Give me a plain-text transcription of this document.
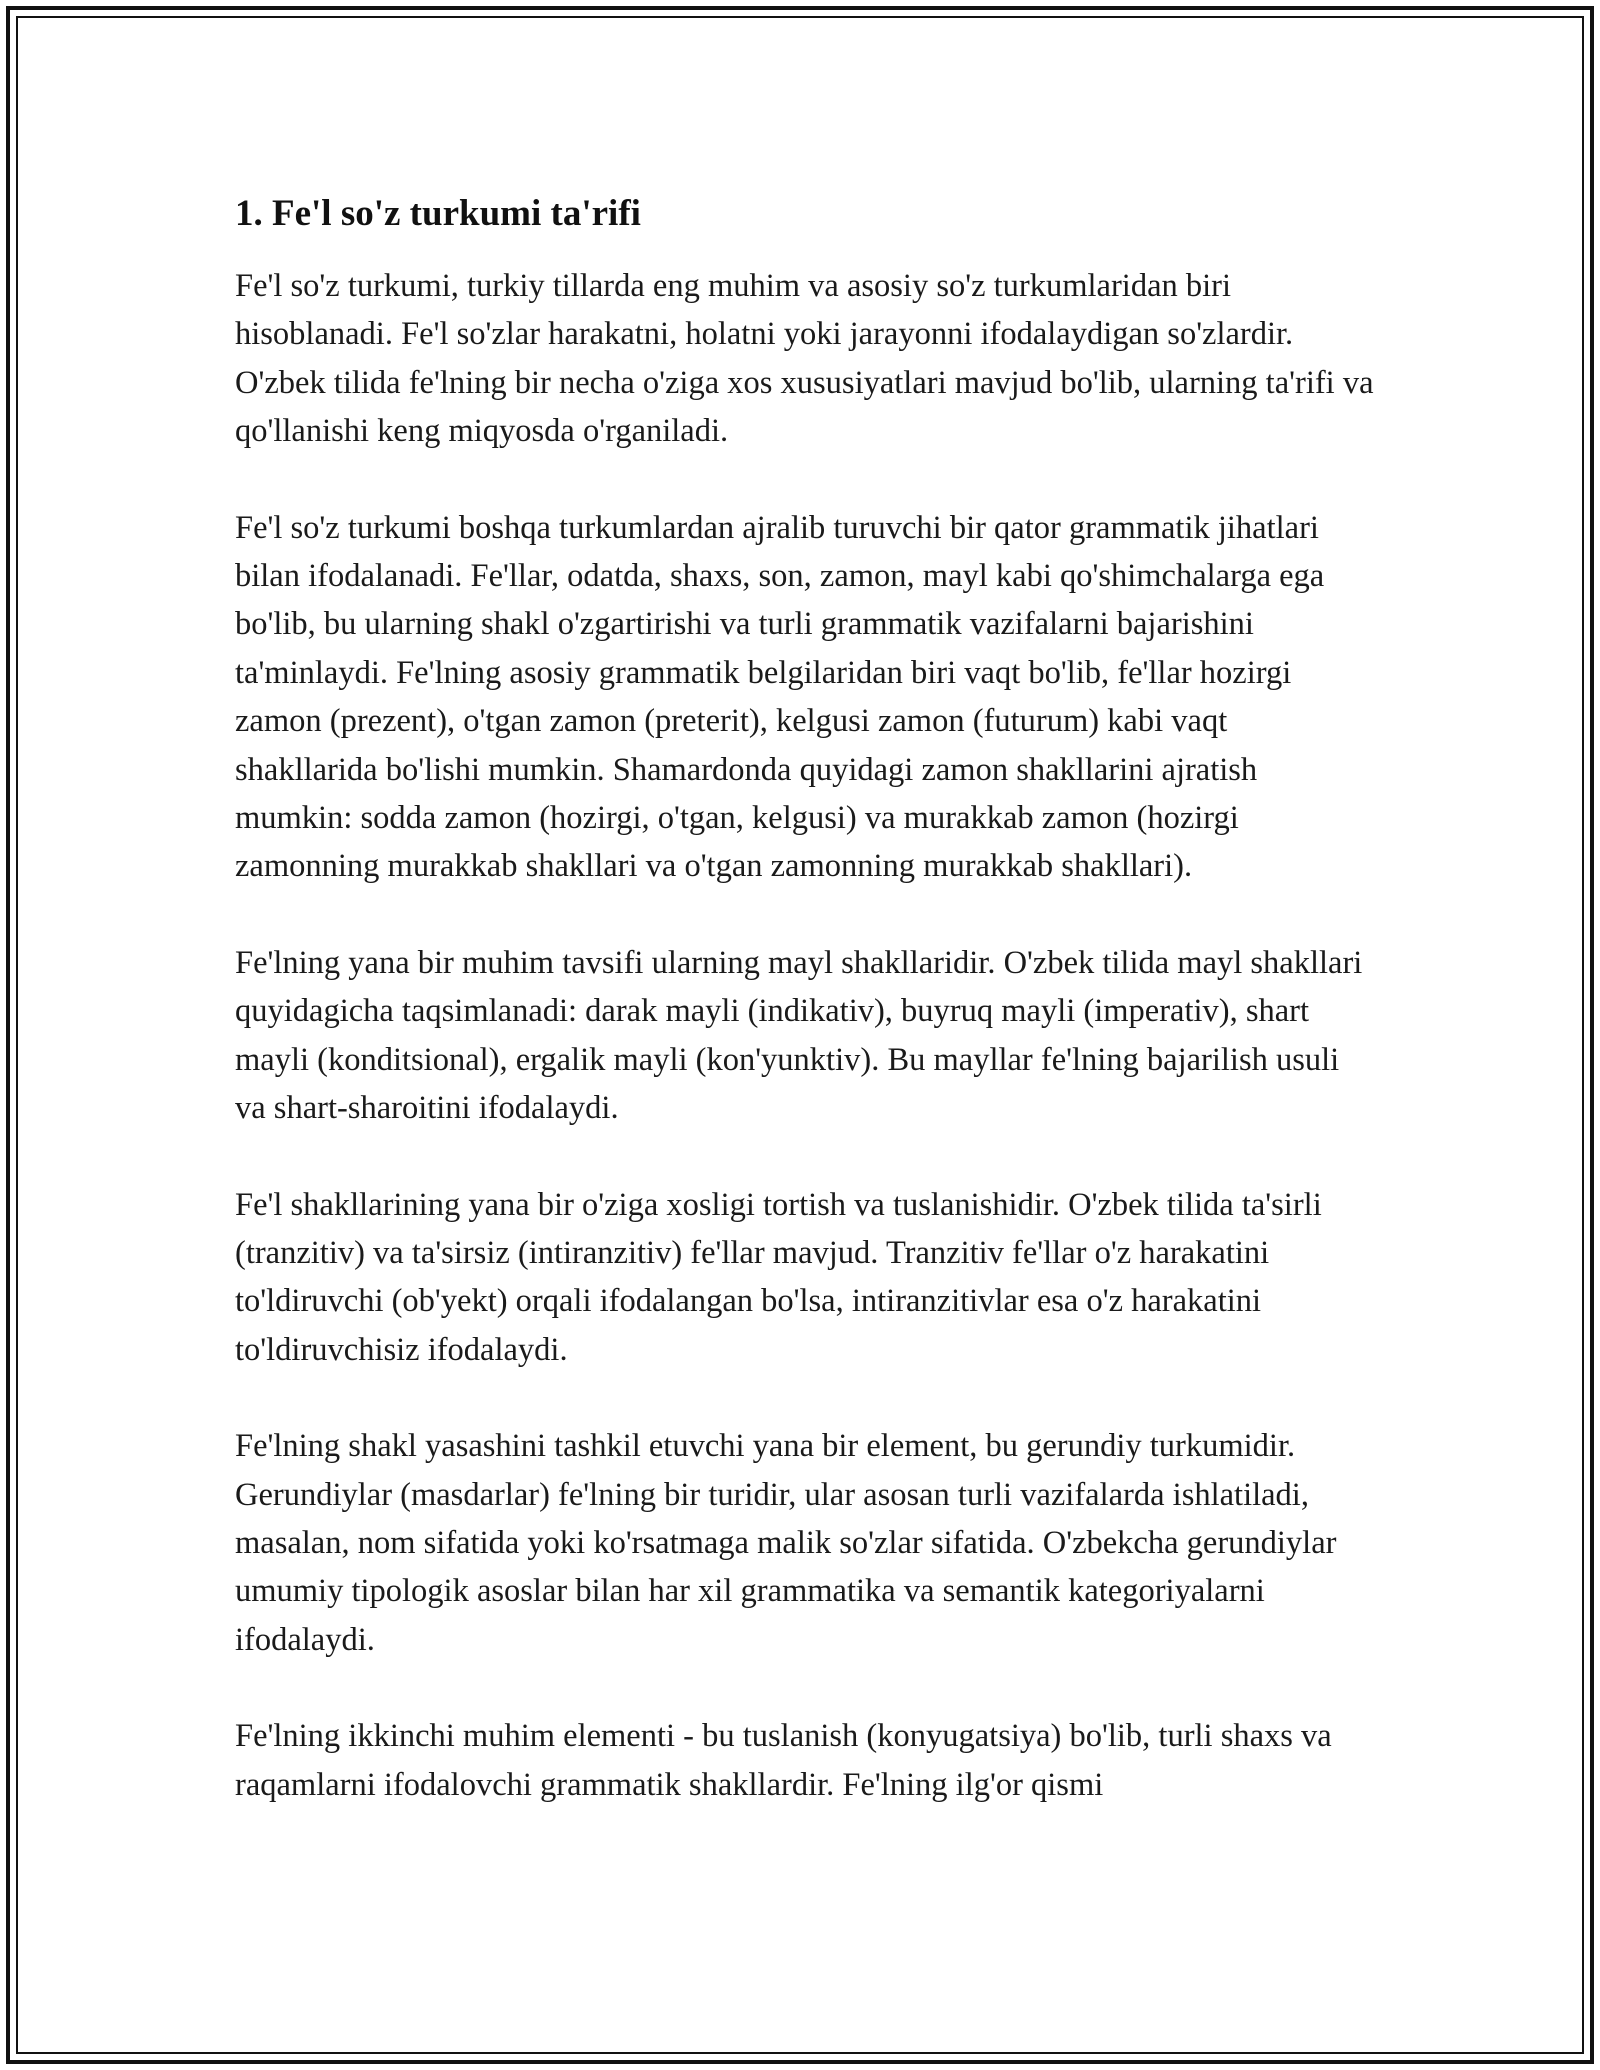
1. Fe'l so'z turkumi ta'rifi

Fe'l so'z turkumi, turkiy tillarda eng muhim va asosiy so'z turkumlaridan biri hisoblanadi. Fe'l so'zlar harakatni, holatni yoki jarayonni ifodalaydigan so'zlardir. O'zbek tilida fe'lning bir necha o'ziga xos xususiyatlari mavjud bo'lib, ularning ta'rifi va qo'llanishi keng miqyosda o'rganiladi.

Fe'l so'z turkumi boshqa turkumlardan ajralib turuvchi bir qator grammatik jihatlari bilan ifodalanadi. Fe'llar, odatda, shaxs, son, zamon, mayl kabi qo'shimchalarga ega bo'lib, bu ularning shakl o'zgartirishi va turli grammatik vazifalarni bajarishini ta'minlaydi. Fe'lning asosiy grammatik belgilaridan biri vaqt bo'lib, fe'llar hozirgi zamon (prezent), o'tgan zamon (preterit), kelgusi zamon (futurum) kabi vaqt shakllarida bo'lishi mumkin. Shamardonda quyidagi zamon shakllarini ajratish mumkin: sodda zamon (hozirgi, o'tgan, kelgusi) va murakkab zamon (hozirgi zamonning murakkab shakllari va o'tgan zamonning murakkab shakllari).

Fe'lning yana bir muhim tavsifi ularning mayl shakllaridir. O'zbek tilida mayl shakllari quyidagicha taqsimlanadi: darak mayli (indikativ), buyruq mayli (imperativ), shart mayli (konditsional), ergalik mayli (kon'yunktiv). Bu mayllar fe'lning bajarilish usuli va shart-sharoitini ifodalaydi.

Fe'l shakllarining yana bir o'ziga xosligi tortish va tuslanishidir. O'zbek tilida ta'sirli (tranzitiv) va ta'sirsiz (intiranzitiv) fe'llar mavjud. Tranzitiv fe'llar o'z harakatini to'ldiruvchi (ob'yekt) orqali ifodalangan bo'lsa, intiranzitivlar esa o'z harakatini to'ldiruvchisiz ifodalaydi.

Fe'lning shakl yasashini tashkil etuvchi yana bir element, bu gerundiy turkumidir. Gerundiylar (masdarlar) fe'lning bir turidir, ular asosan turli vazifalarda ishlatiladi, masalan, nom sifatida yoki ko'rsatmaga malik so'zlar sifatida. O'zbekcha gerundiylar umumiy tipologik asoslar bilan har xil grammatika va semantik kategoriyalarni ifodalaydi.

Fe'lning ikkinchi muhim elementi - bu tuslanish (konyugatsiya) bo'lib, turli shaxs va raqamlarni ifodalovchi grammatik shakllardir. Fe'lning ilg'or qismi
